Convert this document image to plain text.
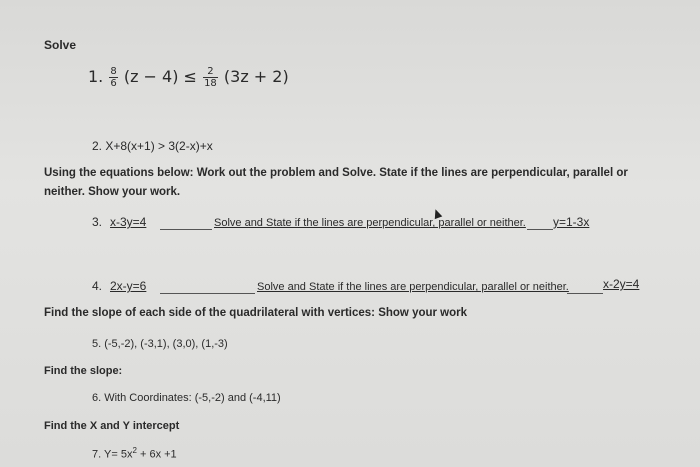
Solve
1. $\frac{8}{6} (z - 4) \le \frac{2}{18} (3z + 2)$
2. X+8(x+1) > 3(2-x)+x
Using the equations below: Work out the problem and Solve. State if the lines are perpendicular, parallel or
neither. Show your work.
3. x-3y=4	Solve and State if the lines are perpendicular, parallel or neither. y=1-3x
4. 2x-y=6	Solve and State if the lines are perpendicular, parallel or neither.	x-2y=4
Find the slope of each side of the quadrilateral with vertices: Show your work
5. (-5,-2), (-3,1), (3,0), (1,-3)
Find the slope:
6. With Coordinates: (-5,-2) and (-4,11)
Find the X and Y intercept
7. $Y= 5x^2 + 6x +1$
